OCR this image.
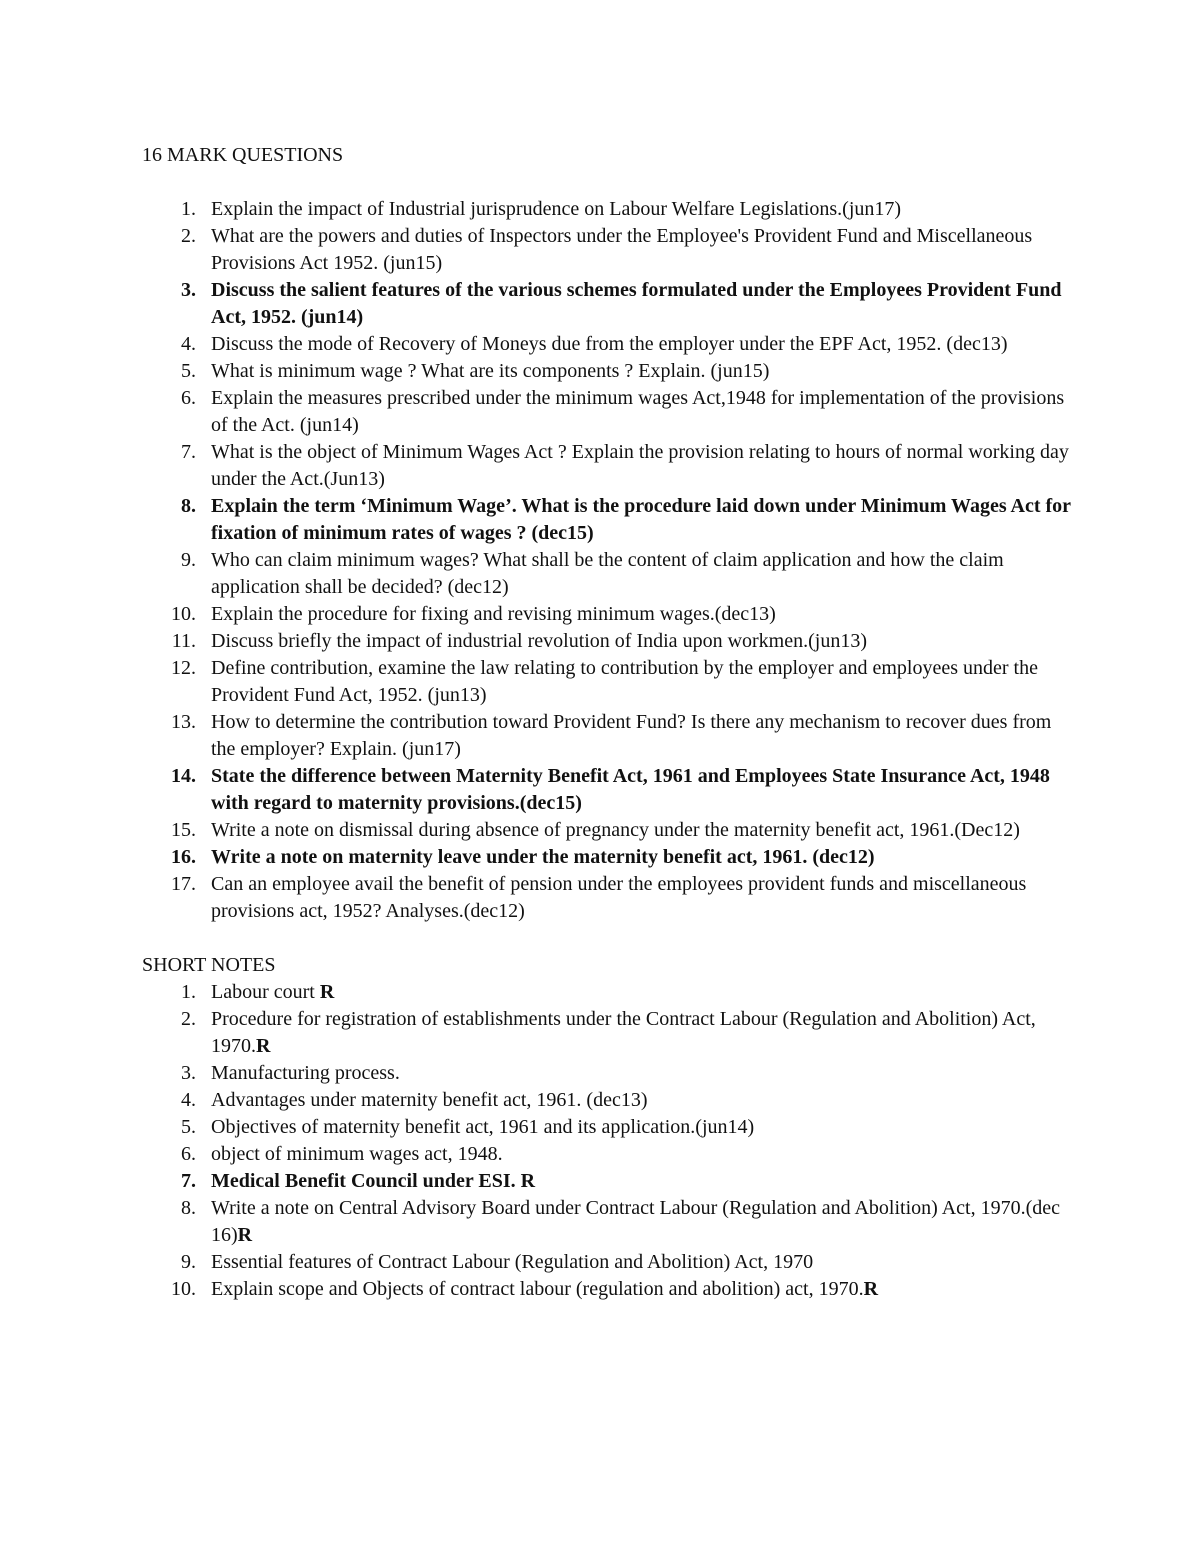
16 MARK QUESTIONS
1. Explain the impact of Industrial jurisprudence on Labour Welfare Legislations.(jun17)
2. What are the powers and duties of Inspectors under the Employee's Provident Fund and Miscellaneous Provisions Act 1952. (jun15)
3. Discuss the salient features of the various schemes formulated under the Employees Provident Fund Act, 1952. (jun14)
4. Discuss the mode of Recovery of Moneys due from the employer under the EPF Act, 1952. (dec13)
5. What is minimum wage ? What are its components ? Explain. (jun15)
6. Explain the measures prescribed under the minimum wages Act,1948 for implementation of the provisions of the Act. (jun14)
7. What is the object of Minimum Wages Act ? Explain the provision relating to hours of normal working day under the Act.(Jun13)
8. Explain the term ‘Minimum Wage’. What is the procedure laid down under Minimum Wages Act for fixation of minimum rates of wages ? (dec15)
9. Who can claim minimum wages? What shall be the content of claim application and how the claim application shall be decided? (dec12)
10. Explain the procedure for fixing and revising minimum wages.(dec13)
11. Discuss briefly the impact of industrial revolution of India upon workmen.(jun13)
12. Define contribution, examine the law relating to contribution by the employer and employees under the Provident Fund Act, 1952. (jun13)
13. How to determine the contribution toward Provident Fund? Is there any mechanism to recover dues from the employer? Explain. (jun17)
14. State the difference between Maternity Benefit Act, 1961 and Employees State Insurance Act, 1948 with regard to maternity provisions.(dec15)
15. Write a note on dismissal during absence of pregnancy under the maternity benefit act, 1961.(Dec12)
16. Write a note on maternity leave under the maternity benefit act, 1961. (dec12)
17. Can an employee avail the benefit of pension under the employees provident funds and miscellaneous provisions act, 1952? Analyses.(dec12)
SHORT NOTES
1. Labour court R
2. Procedure for registration of establishments under the Contract Labour (Regulation and Abolition) Act, 1970.R
3. Manufacturing process.
4. Advantages under maternity benefit act, 1961. (dec13)
5. Objectives of maternity benefit act, 1961 and its application.(jun14)
6. object of minimum wages act, 1948.
7. Medical Benefit Council under ESI. R
8. Write a note on Central Advisory Board under Contract Labour (Regulation and Abolition) Act, 1970.(dec 16)R
9. Essential features of Contract Labour (Regulation and Abolition) Act, 1970
10. Explain scope and Objects of contract labour (regulation and abolition) act, 1970.R
